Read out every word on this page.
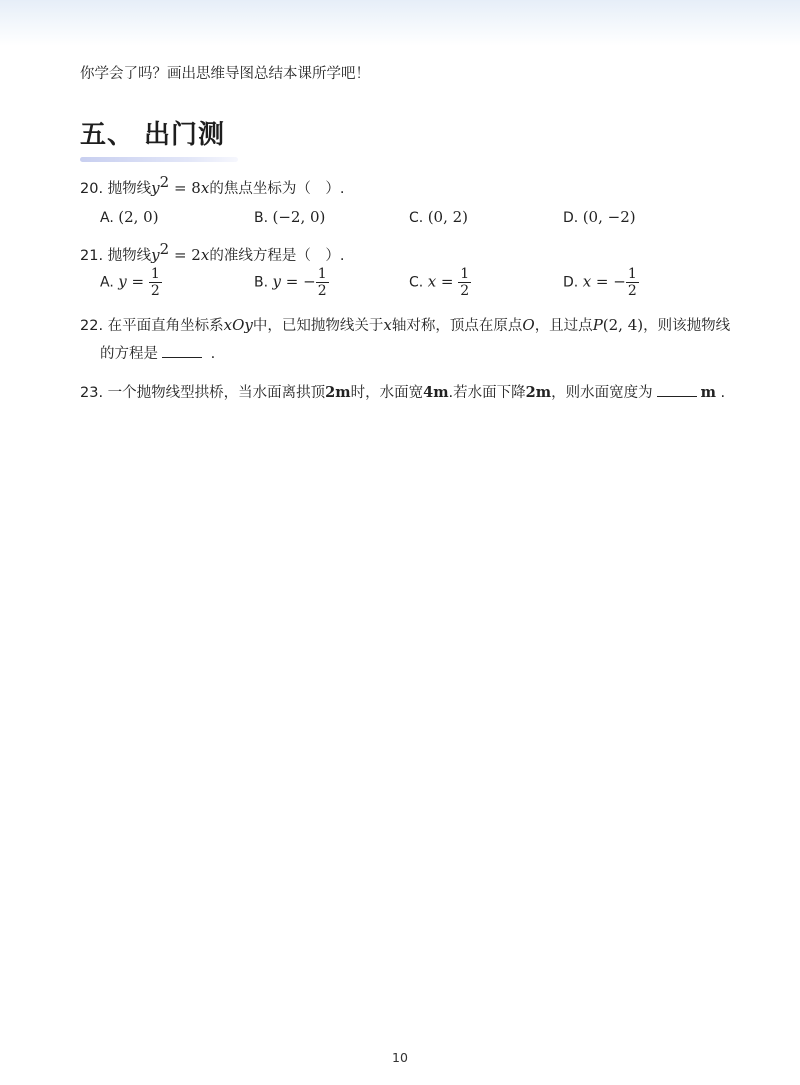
你学会了吗？画出思维导图总结本课所学吧！
五、 出门测
20. 抛物线$y^2 = 8x$的焦点坐标为（　）.
A. (2, 0)	B. (−2, 0)	C. (0, 2)	D. (0, −2)
21. 抛物线$y^2 = 2x$的准线方程是（　）.
A. $y = \frac{1}{2}$	B. y = − $\frac{1}{2}$	C. $x = \frac{1}{2}$	D. x = − $\frac{1}{2}$
22. 在平面直角坐标系xOy中，已知抛物线关于x轴对称，顶点在原点O，且过点P(2, 4)，则该抛物线
的方程是	.
23. 一个抛物线型拱桥，当水面离拱顶2m时，水面宽4m.若水面下降2m，则水面宽度为	m .
10
